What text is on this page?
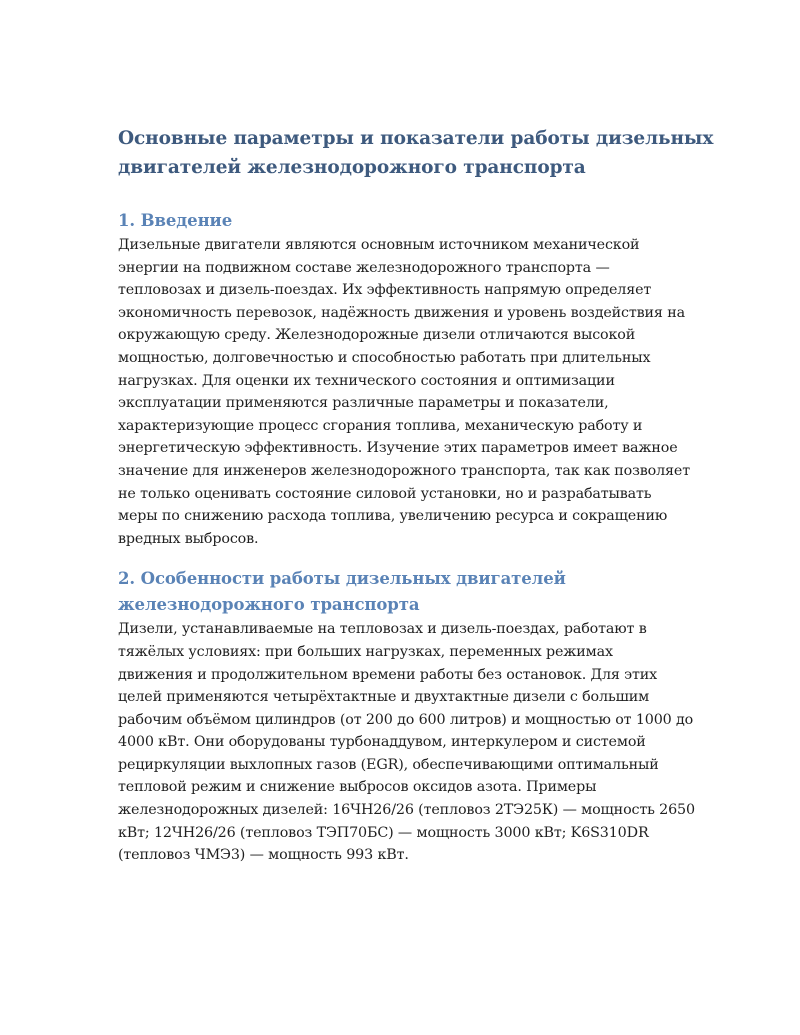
Основные параметры и показатели работы дизельных
двигателей железнодорожного транспорта
1. Введение

Дизельные двигатели являются основным источником механической
энергии на подвижном составе железнодорожного транспорта —
тепловозах и дизель-поездах. Их эффективность напрямую определяет
экономичность перевозок, надёжность движения и уровень воздействия на
окружающую среду. Железнодорожные дизели отличаются высокой
мощностью, долговечностью и способностью работать при длительных
нагрузках. Для оценки их технического состояния и оптимизации
эксплуатации применяются различные параметры и показатели,
характеризующие процесс сгорания топлива, механическую работу и
энергетическую эффективность. Изучение этих параметров имеет важное
значение для инженеров железнодорожного транспорта, так как позволяет
не только оценивать состояние силовой установки, но и разрабатывать
меры по снижению расхода топлива, увеличению ресурса и сокращению
вредных выбросов.

2. Особенности работы дизельных двигателей
железнодорожного транспорта

Дизели, устанавливаемые на тепловозах и дизель-поездах, работают в
тяжёлых условиях: при больших нагрузках, переменных режимах
движения и продолжительном времени работы без остановок. Для этих
целей применяются четырёхтактные и двухтактные дизели с большим
рабочим объёмом цилиндров (от 200 до 600 литров) и мощностью от 1000 до
4000 кВт. Они оборудованы турбонаддувом, интеркулером и системой
рециркуляции выхлопных газов (EGR), обеспечивающими оптимальный
тепловой режим и снижение выбросов оксидов азота. Примеры
железнодорожных дизелей: 16ЧН26/26 (тепловоз 2ТЭ25К) — мощность 2650
кВт; 12ЧН26/26 (тепловоз ТЭП70БС) — мощность 3000 кВт; K6S310DR
(тепловоз ЧМЭ3) — мощность 993 кВт.
